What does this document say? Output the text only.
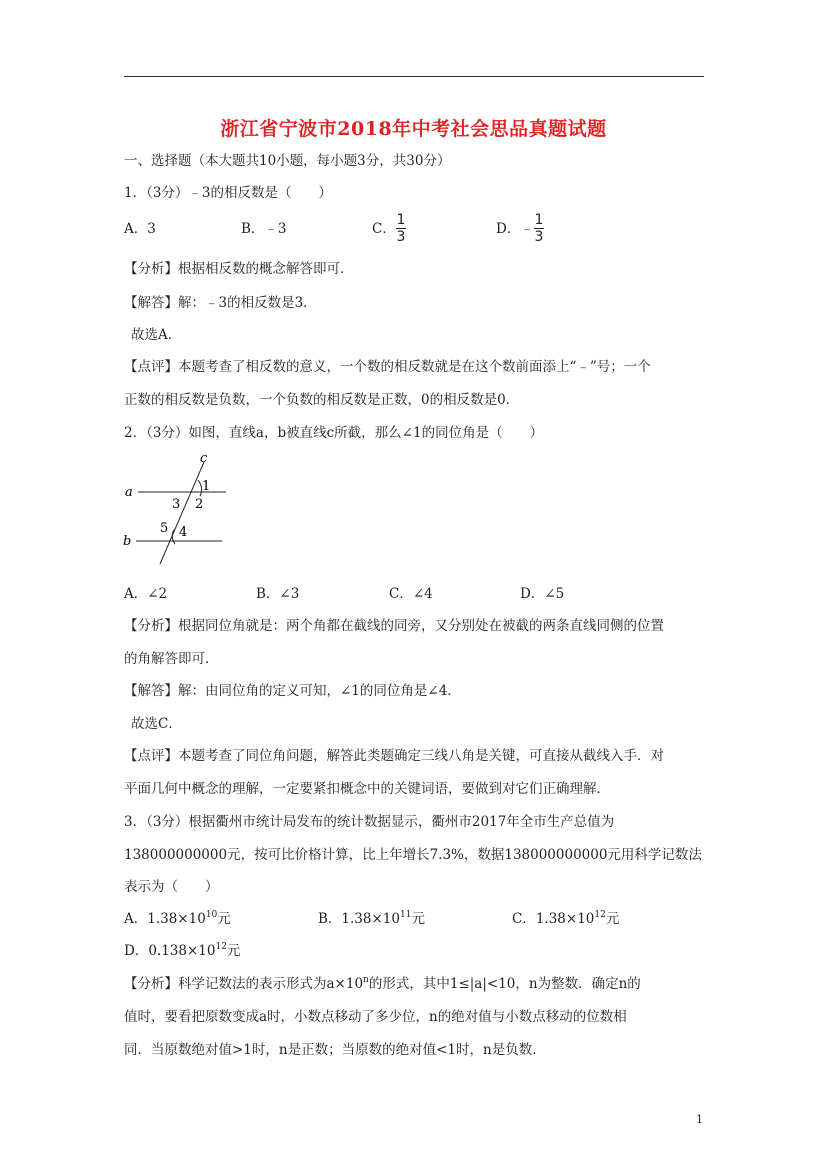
浙江省宁波市2018年中考社会思品真题试题
一、选择题（本大题共10小题，每小题3分，共30分）
1．（3分）﹣3的相反数是（　　）
A．3	B．﹣3	C．
1
3	D．﹣
1
3
【分析】根据相反数的概念解答即可．
【解答】解：﹣3的相反数是3．
故选A．
【点评】本题考查了相反数的意义，一个数的相反数就是在这个数前面添上“﹣”号；一个
正数的相反数是负数，一个负数的相反数是正数，0的相反数是0．
2．（3分）如图，直线a，b被直线c所截，那么∠1的同位角是（　　）
c
a
b
1
2
3
4
5
A．∠2	B．∠3	C．∠4	D．∠5
【分析】根据同位角就是：两个角都在截线的同旁，又分别处在被截的两条直线同侧的位置
的角解答即可．
【解答】解：由同位角的定义可知，∠1的同位角是∠4．
故选C．
【点评】本题考查了同位角问题，解答此类题确定三线八角是关键，可直接从截线入手．对
平面几何中概念的理解，一定要紧扣概念中的关键词语，要做到对它们正确理解．
3．（3分）根据衢州市统计局发布的统计数据显示，衢州市2017年全市生产总值为
138000000000元，按可比价格计算，比上年增长7.3%，数据138000000000元用科学记数法
表示为（　　）
A．$1.38\times 10^{10}$元	B．$1.38\times 10^{11}$元	C．$1.38\times 10^{12}$元
D．$0.138\times 10^{12}$元
【分析】科学记数法的表示形式为$a\times 10^n$的形式，其中1≤|a|<10，n为整数．确定n的
值时，要看把原数变成a时，小数点移动了多少位，n的绝对值与小数点移动的位数相
同．当原数绝对值>1时，n是正数；当原数的绝对值<1时，n是负数．
1
